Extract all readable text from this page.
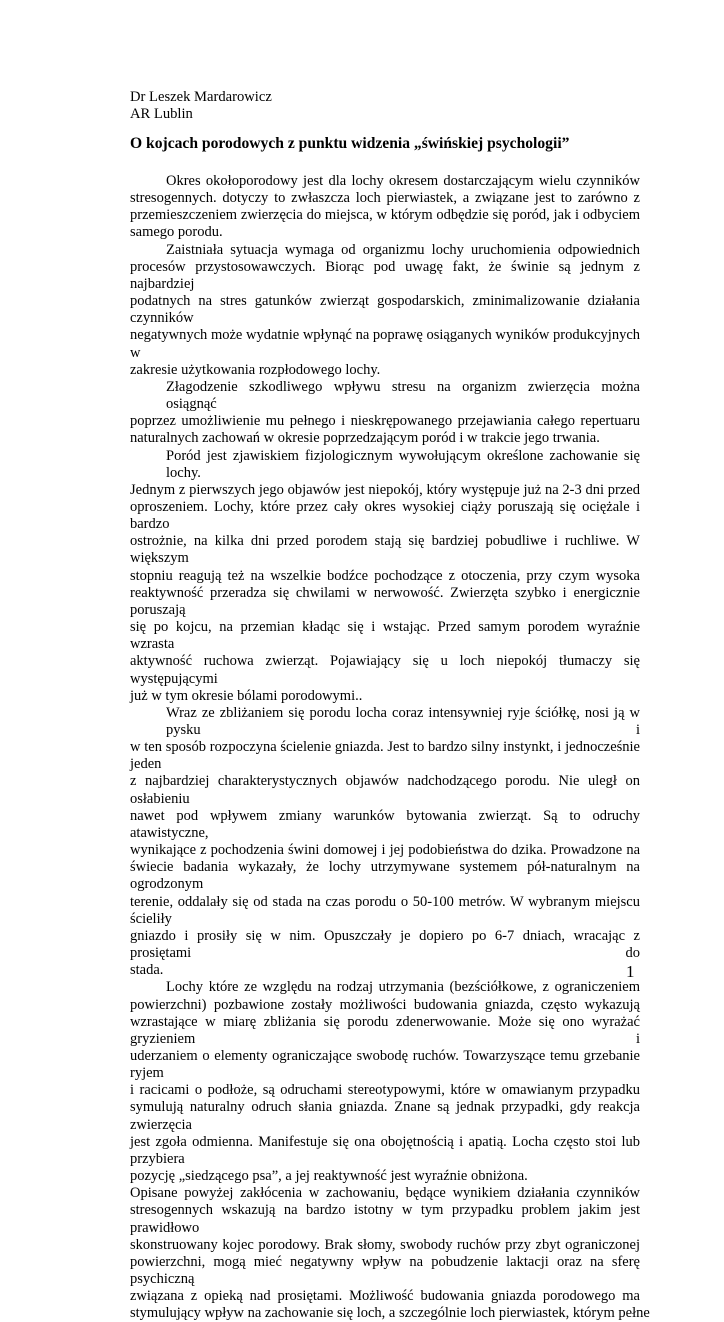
Dr Leszek Mardarowicz
AR Lublin
O kojcach porodowych z punktu widzenia „świńskiej psychologii”

Okres okołoporodowy jest dla lochy okresem dostarczającym wielu czynników
stresogennych. dotyczy to zwłaszcza loch pierwiastek, a związane jest to zarówno z
przemieszczeniem zwierzęcia do miejsca, w którym odbędzie się poród, jak i odbyciem
samego porodu.

Zaistniała sytuacja wymaga od organizmu lochy uruchomienia odpowiednich
procesów przystosowawczych. Biorąc pod uwagę fakt, że świnie są jednym z najbardziej
podatnych na stres gatunków zwierząt gospodarskich, zminimalizowanie działania czynników
negatywnych może wydatnie wpłynąć na poprawę osiąganych wyników produkcyjnych w
zakresie użytkowania rozpłodowego lochy.

Złagodzenie szkodliwego wpływu stresu na organizm zwierzęcia można osiągnąć
poprzez umożliwienie mu pełnego i nieskrępowanego przejawiania całego repertuaru
naturalnych zachowań w okresie poprzedzającym poród i w trakcie jego trwania.

Poród jest zjawiskiem fizjologicznym wywołującym określone zachowanie się lochy.
Jednym z pierwszych jego objawów jest niepokój, który występuje już na 2-3 dni przed
oproszeniem. Lochy, które przez cały okres wysokiej ciąży poruszają się ociężale i bardzo
ostrożnie, na kilka dni przed porodem stają się bardziej pobudliwe i ruchliwe. W większym
stopniu reagują też na wszelkie bodźce pochodzące z otoczenia, przy czym wysoka
reaktywność przeradza się chwilami w nerwowość. Zwierzęta szybko i energicznie poruszają
się po kojcu, na przemian kładąc się i wstając. Przed samym porodem wyraźnie wzrasta
aktywność ruchowa zwierząt. Pojawiający się u loch niepokój tłumaczy się występującymi
już w tym okresie bólami porodowymi..

Wraz ze zbliżaniem się porodu locha coraz intensywniej ryje ściółkę, nosi ją w pysku i
w ten sposób rozpoczyna ścielenie gniazda. Jest to bardzo silny instynkt, i jednocześnie jeden
z najbardziej charakterystycznych objawów nadchodzącego porodu. Nie uległ on osłabieniu
nawet pod wpływem zmiany warunków bytowania zwierząt. Są to odruchy atawistyczne,
wynikające z pochodzenia świni domowej i jej podobieństwa do dzika. Prowadzone na
świecie badania wykazały, że lochy utrzymywane systemem pół-naturalnym na ogrodzonym
terenie, oddalały się od stada na czas porodu o 50-100 metrów. W wybranym miejscu ścieliły
gniazdo i prosiły się w nim. Opuszczały je dopiero po 6-7 dniach, wracając z prosiętami do
stada.

Lochy które ze względu na rodzaj utrzymania (bezściółkowe, z ograniczeniem
powierzchni) pozbawione zostały możliwości budowania gniazda, często wykazują
wzrastające w miarę zbliżania się porodu zdenerwowanie. Może się ono wyrażać gryzieniem i
uderzaniem o elementy ograniczające swobodę ruchów. Towarzyszące temu grzebanie ryjem
i racicami o podłoże, są odruchami stereotypowymi, które w omawianym przypadku
symulują naturalny odruch słania gniazda. Znane są jednak przypadki, gdy reakcja zwierzęcia
jest zgoła odmienna. Manifestuje się ona obojętnością i apatią. Locha często stoi lub przybiera
pozycję „siedzącego psa”, a jej reaktywność jest wyraźnie obniżona.

Opisane powyżej zakłócenia w zachowaniu, będące wynikiem działania czynników
stresogennych wskazują na bardzo istotny w tym przypadku problem jakim jest prawidłowo
skonstruowany kojec porodowy. Brak słomy, swobody ruchów przy zbyt ograniczonej
powierzchni, mogą mieć negatywny wpływ na pobudzenie laktacji oraz na sferę psychiczną
związana z opieką nad prosiętami. Możliwość budowania gniazda porodowego ma
stymulujący wpływ na zachowanie się loch, a szczególnie loch pierwiastek, którym pełne

1
